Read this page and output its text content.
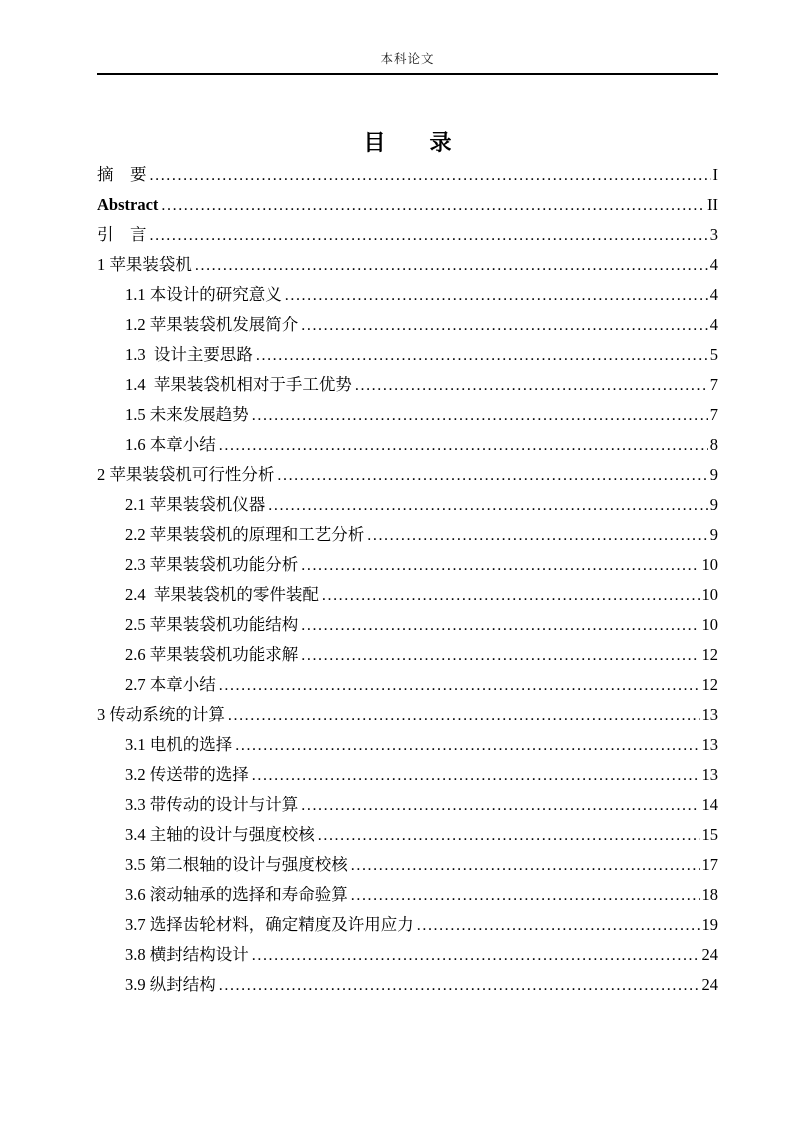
本科论文
目　　录
摘　要 .....	I
Abstract .....	II
引　言 .....	3
1 苹果装袋机 .....	4
1.1 本设计的研究意义 .....	4
1.2 苹果装袋机发展简介 .....	4
1.3  设计主要思路 .....	5
1.4  苹果装袋机相对于手工优势 .....	7
1.5 未来发展趋势 .....	7
1.6 本章小结 .....	8
2 苹果装袋机可行性分析 .....	9
2.1 苹果装袋机仪器 .....	9
2.2 苹果装袋机的原理和工艺分析 .....	9
2.3 苹果装袋机功能分析 .....	10
2.4  苹果装袋机的零件装配 .....	10
2.5 苹果装袋机功能结构 .....	10
2.6 苹果装袋机功能求解 .....	12
2.7 本章小结 .....	12
3 传动系统的计算 .....	13
3.1 电机的选择 .....	13
3.2 传送带的选择 .....	13
3.3 带传动的设计与计算 .....	14
3.4 主轴的设计与强度校核 .....	15
3.5 第二根轴的设计与强度校核 .....	17
3.6 滚动轴承的选择和寿命验算 .....	18
3.7 选择齿轮材料，确定精度及许用应力 .....	19
3.8 横封结构设计 .....	24
3.9 纵封结构 .....	24
